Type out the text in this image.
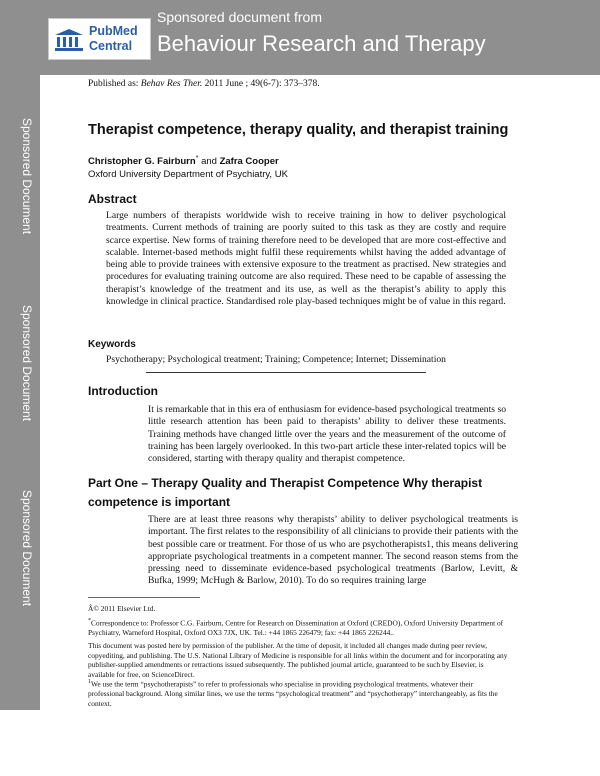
Sponsored Document
Sponsored Document
Sponsored Document
PubMed
Central
Sponsored document from
Behaviour Research and Therapy
Published as: Behav Res Ther. 2011 June ; 49(6-7): 373–378.
Therapist competence, therapy quality, and therapist training
Christopher G. Fairburn* and Zafra Cooper
Oxford University Department of Psychiatry, UK
Abstract
Large numbers of therapists worldwide wish to receive training in how to deliver psychological treatments. Current methods of training are poorly suited to this task as they are costly and require scarce expertise. New forms of training therefore need to be developed that are more cost-effective and scalable. Internet-based methods might fulfil these requirements whilst having the added advantage of being able to provide trainees with extensive exposure to the treatment as practised. New strategies and procedures for evaluating training outcome are also required. These need to be capable of assessing the therapist’s knowledge of the treatment and its use, as well as the therapist’s ability to apply this knowledge in clinical practice. Standardised role play-based techniques might be of value in this regard.
Keywords
Psychotherapy; Psychological treatment; Training; Competence; Internet; Dissemination
Introduction
It is remarkable that in this era of enthusiasm for evidence-based psychological treatments so little research attention has been paid to therapists’ ability to deliver these treatments. Training methods have changed little over the years and the measurement of the outcome of training has been largely overlooked. In this two-part article these inter-related topics will be considered, starting with therapy quality and therapist competence.
Part One – Therapy Quality and Therapist Competence Why therapist competence is important
There are at least three reasons why therapists’ ability to deliver psychological treatments is important. The first relates to the responsibility of all clinicians to provide their patients with the best possible care or treatment. For those of us who are psychotherapists1, this means delivering appropriate psychological treatments in a competent manner. The second reason stems from the pressing need to disseminate evidence-based psychological treatments (Barlow, Levitt, & Bufka, 1999; McHugh & Barlow, 2010). To do so requires training large
Â© 2011 Elsevier Ltd.
*Correspondence to: Professor C.G. Fairburn, Centre for Research on Dissemination at Oxford (CREDO), Oxford University Department of Psychiatry, Warneford Hospital, Oxford OX3 7JX, UK. Tel.: +44 1865 226479; fax: +44 1865 226244..
This document was posted here by permission of the publisher. At the time of deposit, it included all changes made during peer review, copyediting, and publishing. The U.S. National Library of Medicine is responsible for all links within the document and for incorporating any publisher-supplied amendments or retractions issued subsequently. The published journal article, guaranteed to be such by Elsevier, is available for free, on ScienceDirect.
$^1$We use the term “psychotherapists” to refer to professionals who specialise in providing psychological treatments, whatever their professional background. Along similar lines, we use the terms “psychological treatment” and “psychotherapy” interchangeably, as fits the context.
